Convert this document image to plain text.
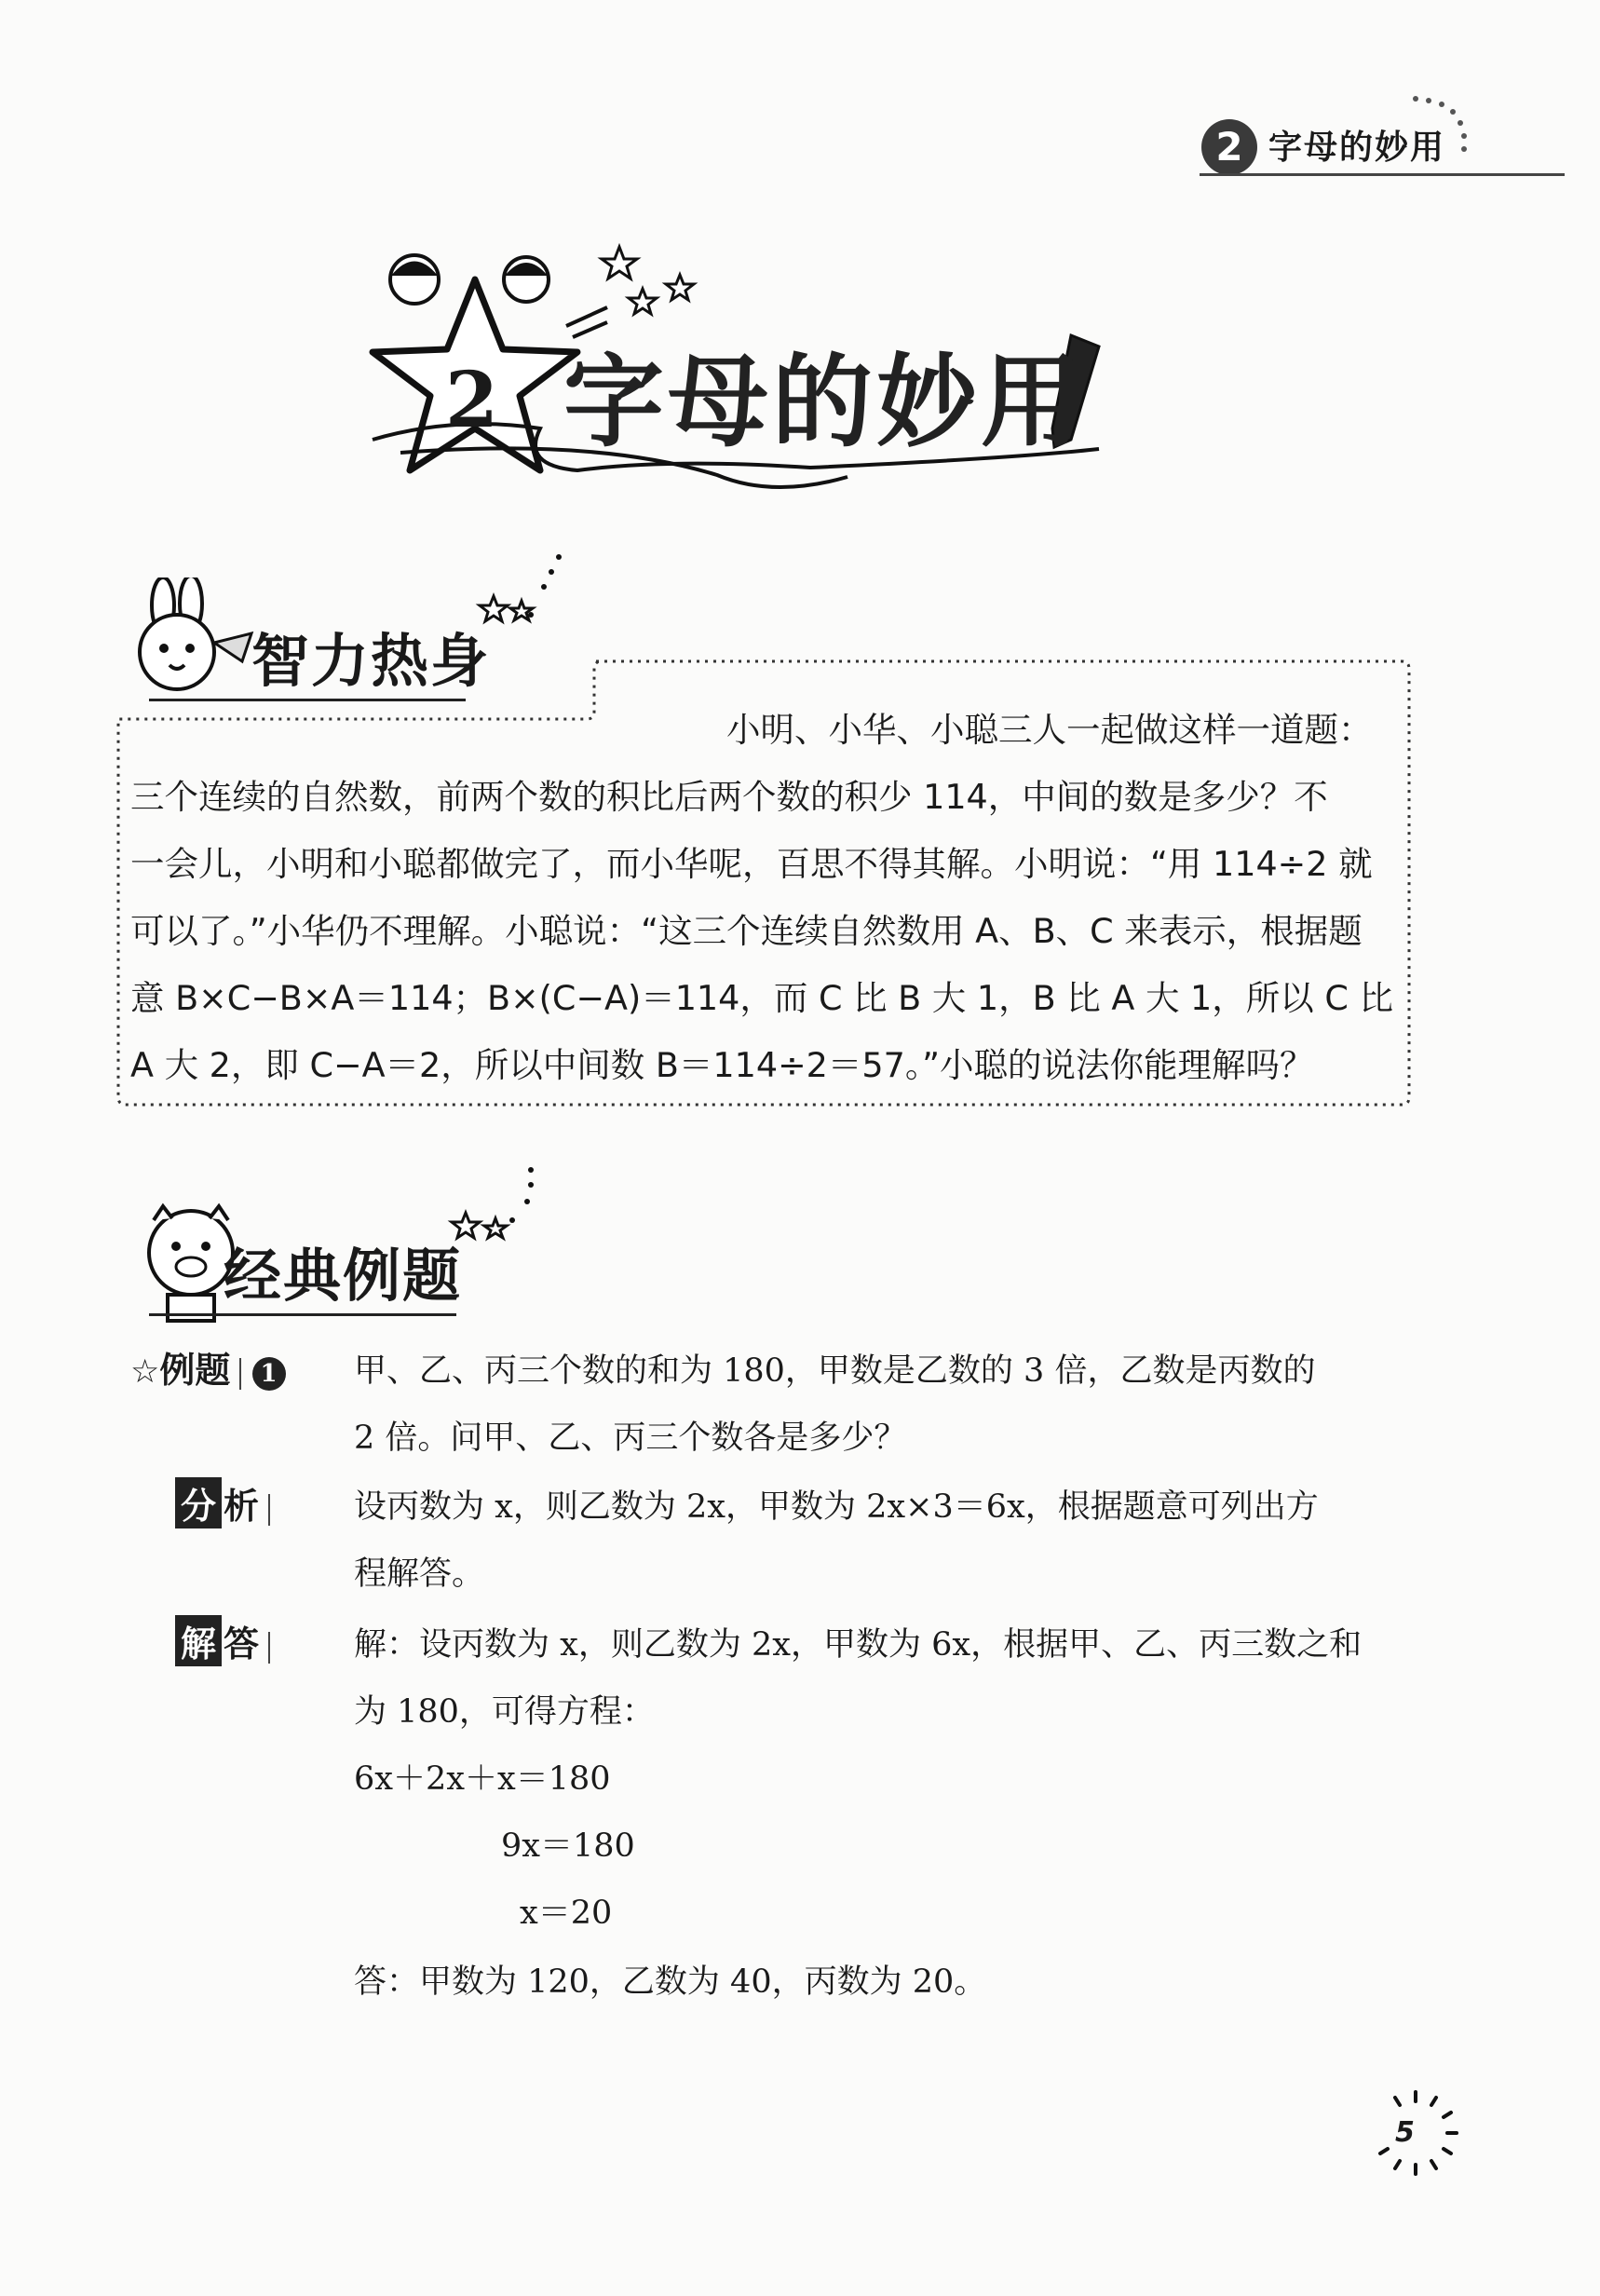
2 字母的妙用
2 字母的妙用
智力热身
小明、小华、小聪三人一起做这样一道题：
三个连续的自然数，前两个数的积比后两个数的积少 114，中间的数是多少？不
一会儿，小明和小聪都做完了，而小华呢，百思不得其解。小明说：“用 114÷2 就
可以了。”小华仍不理解。小聪说：“这三个连续自然数用 A、B、C 来表示，根据题
意 B×C−B×A＝114；B×(C−A)＝114，而 C 比 B 大 1，B 比 A 大 1，所以 C 比
A 大 2，即 C−A＝2，所以中间数 B＝114÷2＝57。”小聪的说法你能理解吗？
经典例题
☆例题 1 甲、乙、丙三个数的和为 180，甲数是乙数的 3 倍，乙数是丙数的
2 倍。问甲、乙、丙三个数各是多少？
分 析	设丙数为 x，则乙数为 2x，甲数为 2x×3＝6x，根据题意可列出方
程解答。
解 答	解：设丙数为 x，则乙数为 2x，甲数为 6x，根据甲、乙、丙三数之和
为 180，可得方程：
6x＋2x＋x＝180
9x＝180
x＝20
答：甲数为 120，乙数为 40，丙数为 20。
5
